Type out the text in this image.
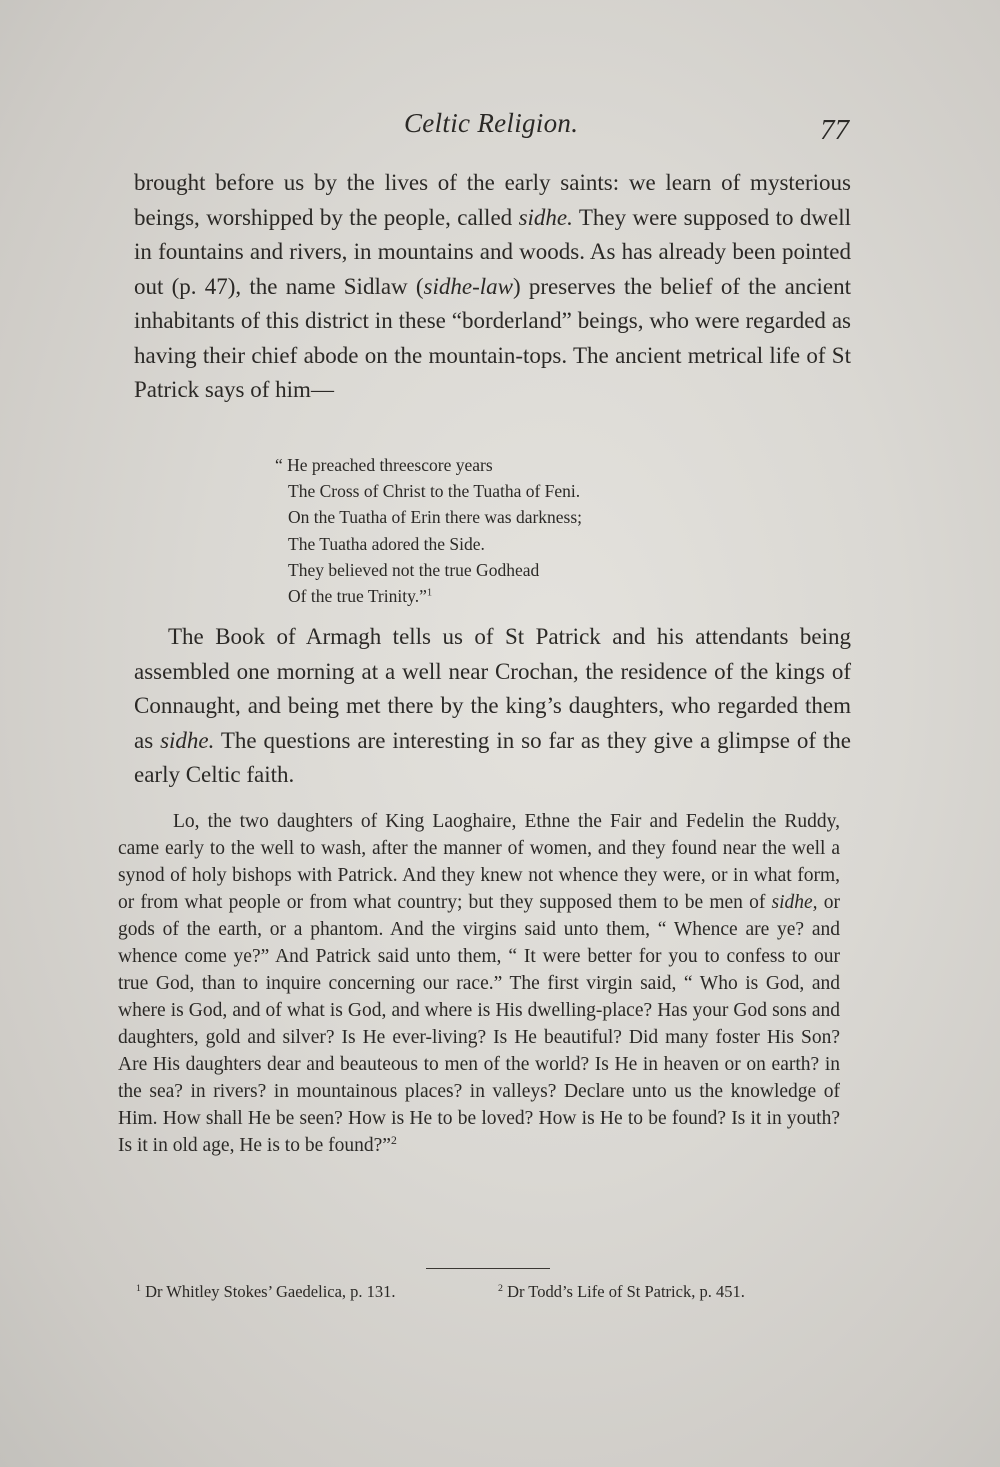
Celtic Religion.	77

brought before us by the lives of the early saints: we learn of mysterious beings, worshipped by the people, called sidhe. They were supposed to dwell in fountains and rivers, in mountains and woods. As has already been pointed out (p. 47), the name Sidlaw (sidhe-law) preserves the belief of the ancient inhabitants of this district in these “borderland” beings, who were regarded as having their chief abode on the mountain-tops. The ancient metrical life of St Patrick says of him—

“ He preached threescore years
The Cross of Christ to the Tuatha of Feni.
On the Tuatha of Erin there was darkness;
The Tuatha adored the Side.
They believed not the true Godhead
Of the true Trinity.”$^1$

The Book of Armagh tells us of St Patrick and his attendants being assembled one morning at a well near Crochan, the residence of the kings of Connaught, and being met there by the king’s daughters, who regarded them as sidhe. The questions are interesting in so far as they give a glimpse of the early Celtic faith.

Lo, the two daughters of King Laoghaire, Ethne the Fair and Fedelin the Ruddy, came early to the well to wash, after the manner of women, and they found near the well a synod of holy bishops with Patrick. And they knew not whence they were, or in what form, or from what people or from what country; but they supposed them to be men of sidhe, or gods of the earth, or a phantom. And the virgins said unto them, “ Whence are ye? and whence come ye?” And Patrick said unto them, “ It were better for you to confess to our true God, than to inquire concerning our race.” The first virgin said, “ Who is God, and where is God, and of what is God, and where is His dwelling-place? Has your God sons and daughters, gold and silver? Is He ever-living? Is He beautiful? Did many foster His Son? Are His daughters dear and beauteous to men of the world? Is He in heaven or on earth? in the sea? in rivers? in mountainous places? in valleys? Declare unto us the knowledge of Him. How shall He be seen? How is He to be loved? How is He to be found? Is it in youth? Is it in old age, He is to be found?”$^2$

$^1$ Dr Whitley Stokes’ Gaedelica, p. 131.	$^2$ Dr Todd’s Life of St Patrick, p. 451.
